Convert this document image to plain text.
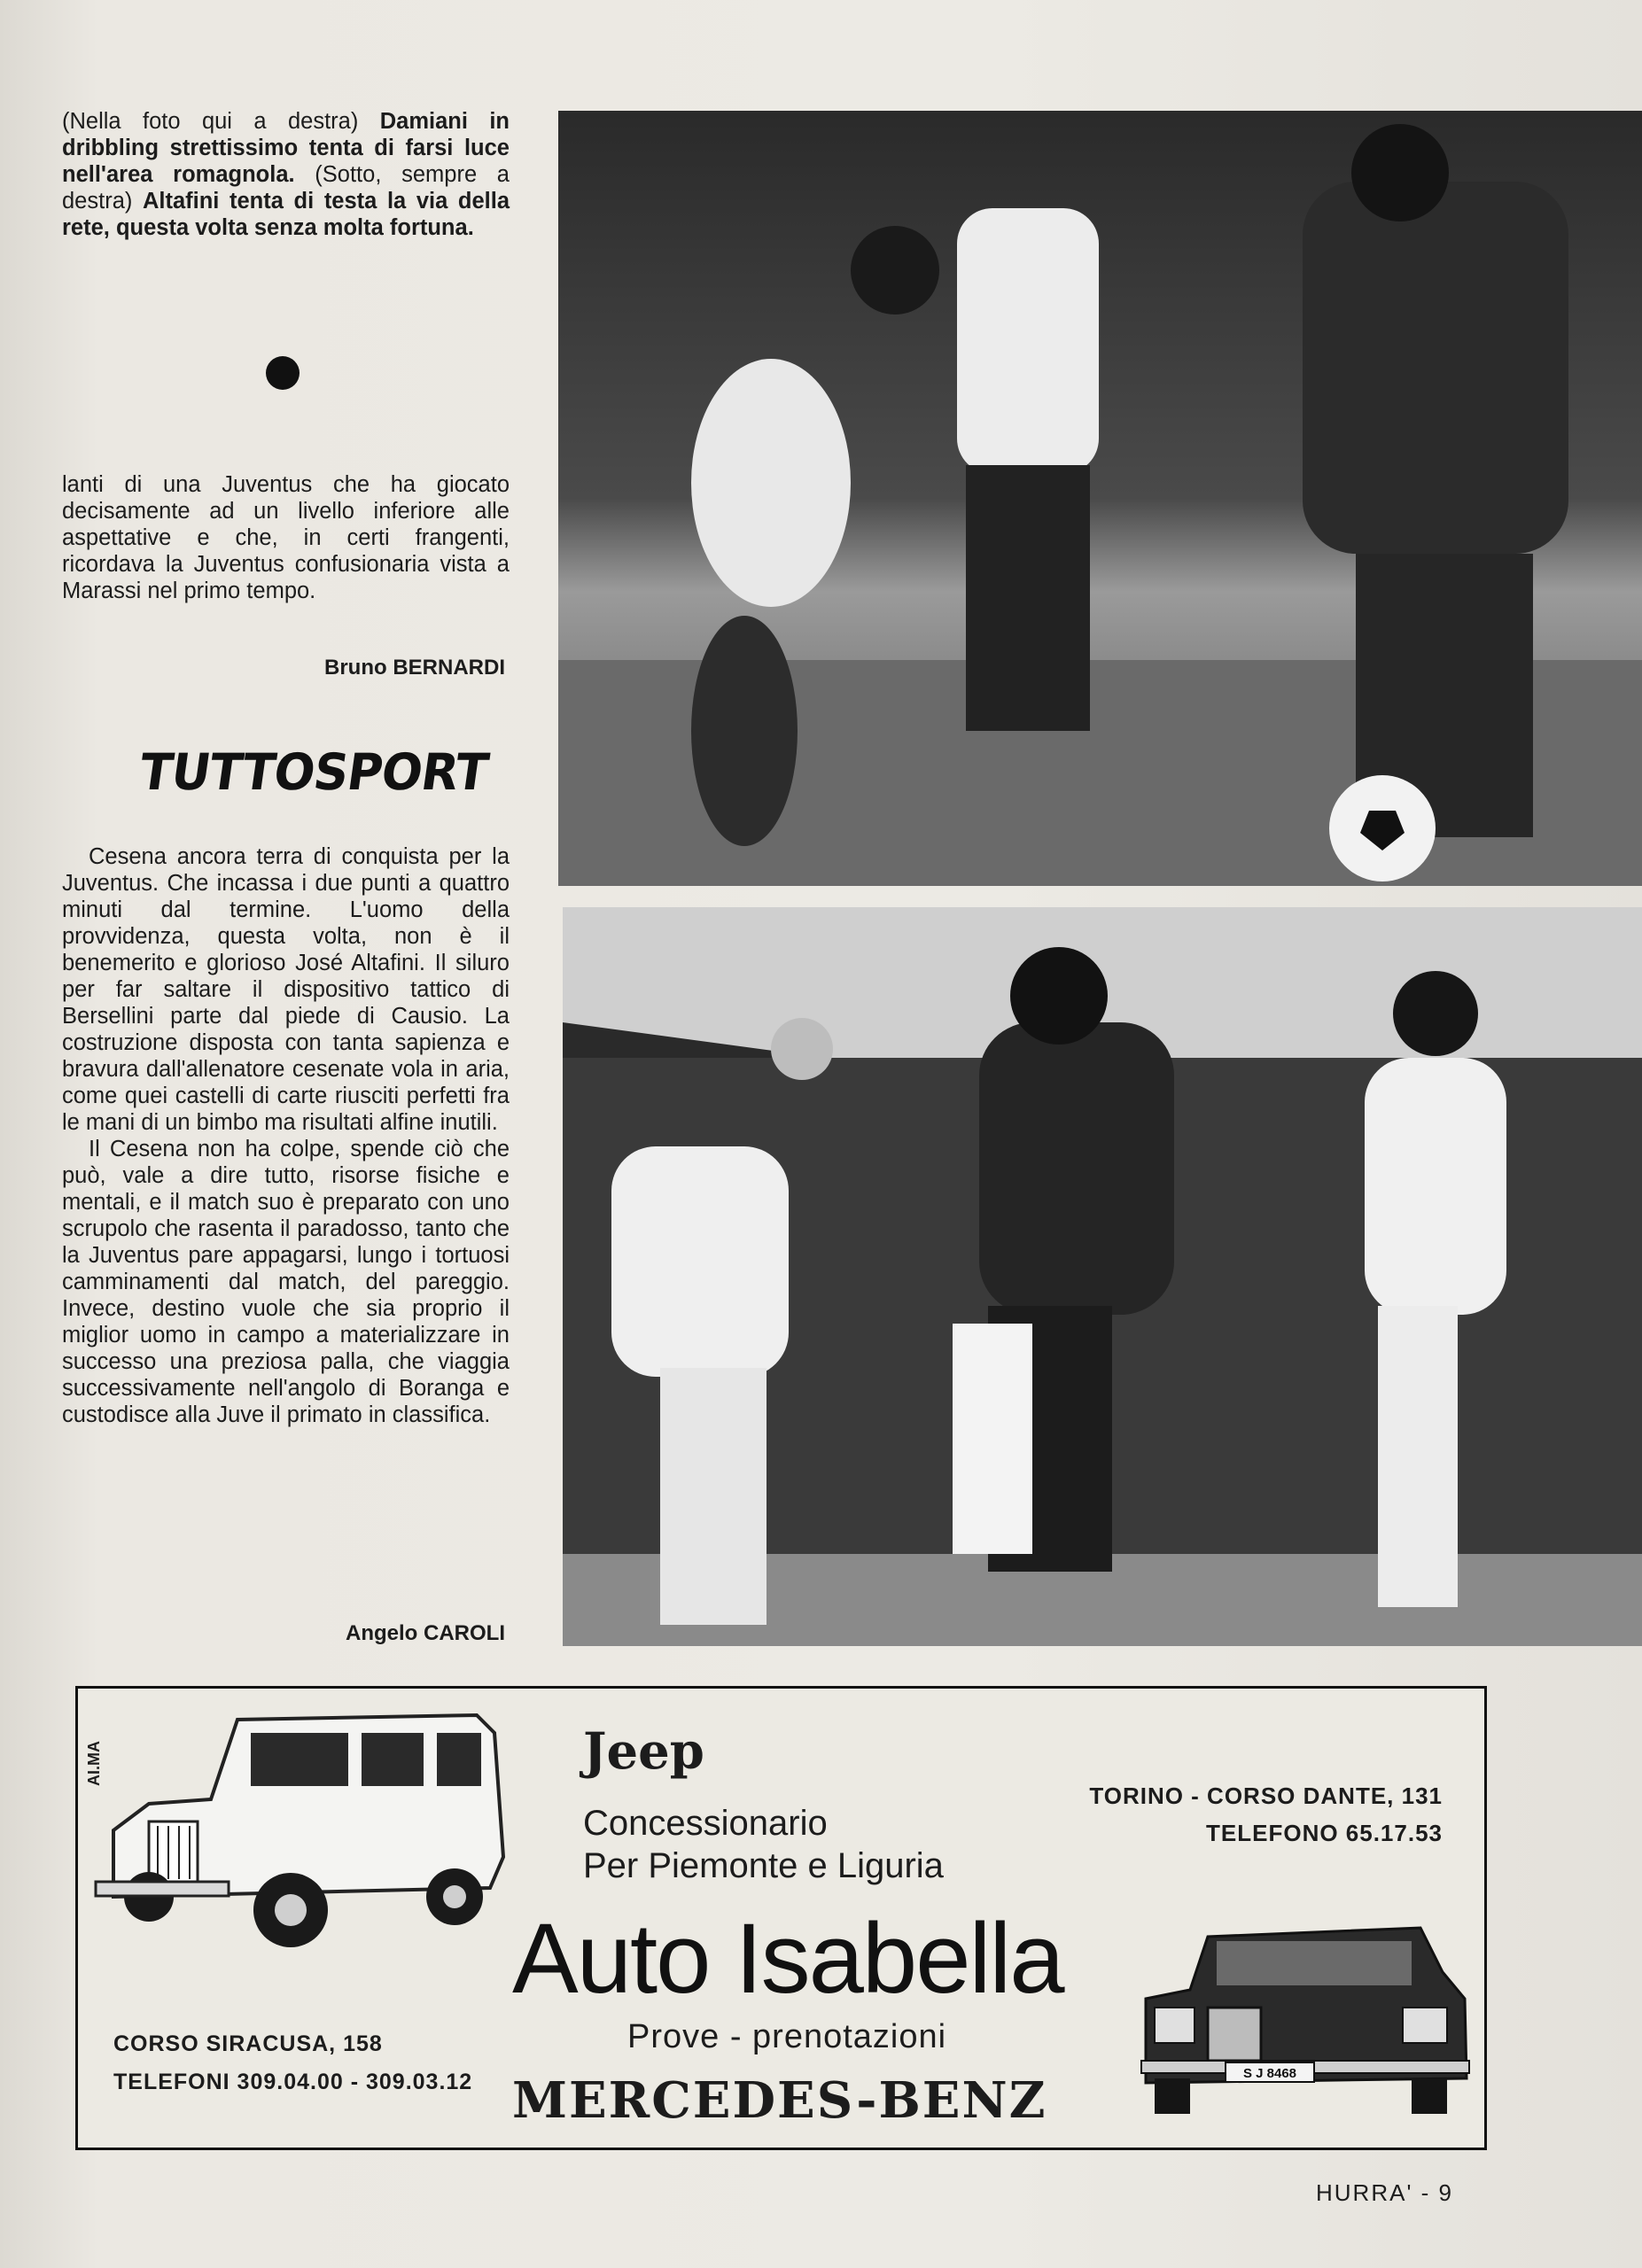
(Nella foto qui a destra) Damiani in dribbling strettissimo tenta di farsi luce nell'area romagnola. (Sotto, sempre a destra) Altafini tenta di testa la via della rete, questa volta senza molta fortuna.
lanti di una Juventus che ha giocato decisamente ad un livello inferiore alle aspettative e che, in certi frangenti, ricordava la Juventus confusionaria vista a Marassi nel primo tempo.
Bruno BERNARDI
TUTTOSPORT

Cesena ancora terra di conquista per la Juventus. Che incassa i due punti a quattro minuti dal termine. L'uomo della provvidenza, questa volta, non è il benemerito e glorioso José Altafini. Il siluro per far saltare il dispositivo tattico di Bersellini parte dal piede di Causio. La costruzione disposta con tanta sapienza e bravura dall'allenatore cesenate vola in aria, come quei castelli di carte riusciti perfetti fra le mani di un bimbo ma risultati alfine inutili.

Il Cesena non ha colpe, spende ciò che può, vale a dire tutto, risorse fisiche e mentali, e il match suo è preparato con uno scrupolo che rasenta il paradosso, tanto che la Juventus pare appagarsi, lungo i tortuosi camminamenti dal match, del pareggio. Invece, destino vuole che sia proprio il miglior uomo in campo a materializzare in successo una preziosa palla, che viaggia successivamente nell'angolo di Boranga e custodisce alla Juve il primato in classifica.

Angelo CAROLI
AI.MA	Jeep
Concessionario
Per Piemonte e Liguria
TORINO - CORSO DANTE, 131
TELEFONO 65.17.53
Auto Isabella
Prove - prenotazioni
MERCEDES-BENZ
CORSO SIRACUSA, 158
TELEFONI 309.04.00 - 309.03.12	S J 8468
HURRA' - 9
